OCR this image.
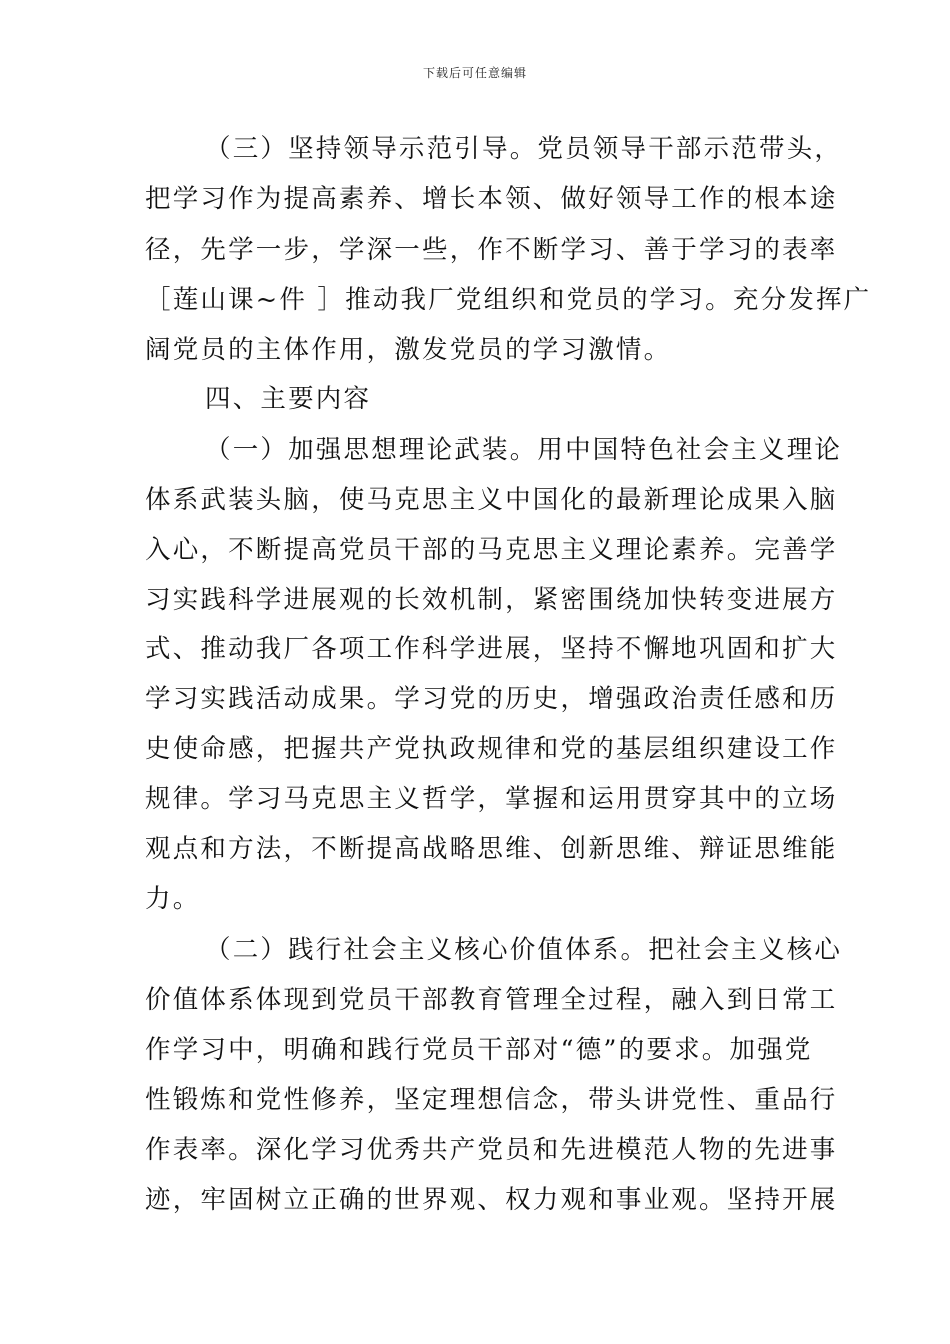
下载后可任意编辑
（三）坚持领导示范引导。党员领导干部示范带头，
把学习作为提高素养、增长本领、做好领导工作的根本途
径，先学一步，学深一些，作不断学习、善于学习的表率
［莲山课~件 ］推动我厂党组织和党员的学习。充分发挥广
阔党员的主体作用，激发党员的学习激情。
四、主要内容
（一）加强思想理论武装。用中国特色社会主义理论
体系武装头脑，使马克思主义中国化的最新理论成果入脑
入心，不断提高党员干部的马克思主义理论素养。完善学
习实践科学进展观的长效机制，紧密围绕加快转变进展方
式、推动我厂各项工作科学进展，坚持不懈地巩固和扩大
学习实践活动成果。学习党的历史，增强政治责任感和历
史使命感，把握共产党执政规律和党的基层组织建设工作
规律。学习马克思主义哲学，掌握和运用贯穿其中的立场
观点和方法，不断提高战略思维、创新思维、辩证思维能
力。
（二）践行社会主义核心价值体系。把社会主义核心
价值体系体现到党员干部教育管理全过程，融入到日常工
作学习中，明确和践行党员干部对“德”的要求。加强党
性锻炼和党性修养，坚定理想信念，带头讲党性、重品行
作表率。深化学习优秀共产党员和先进模范人物的先进事
迹，牢固树立正确的世界观、权力观和事业观。坚持开展
